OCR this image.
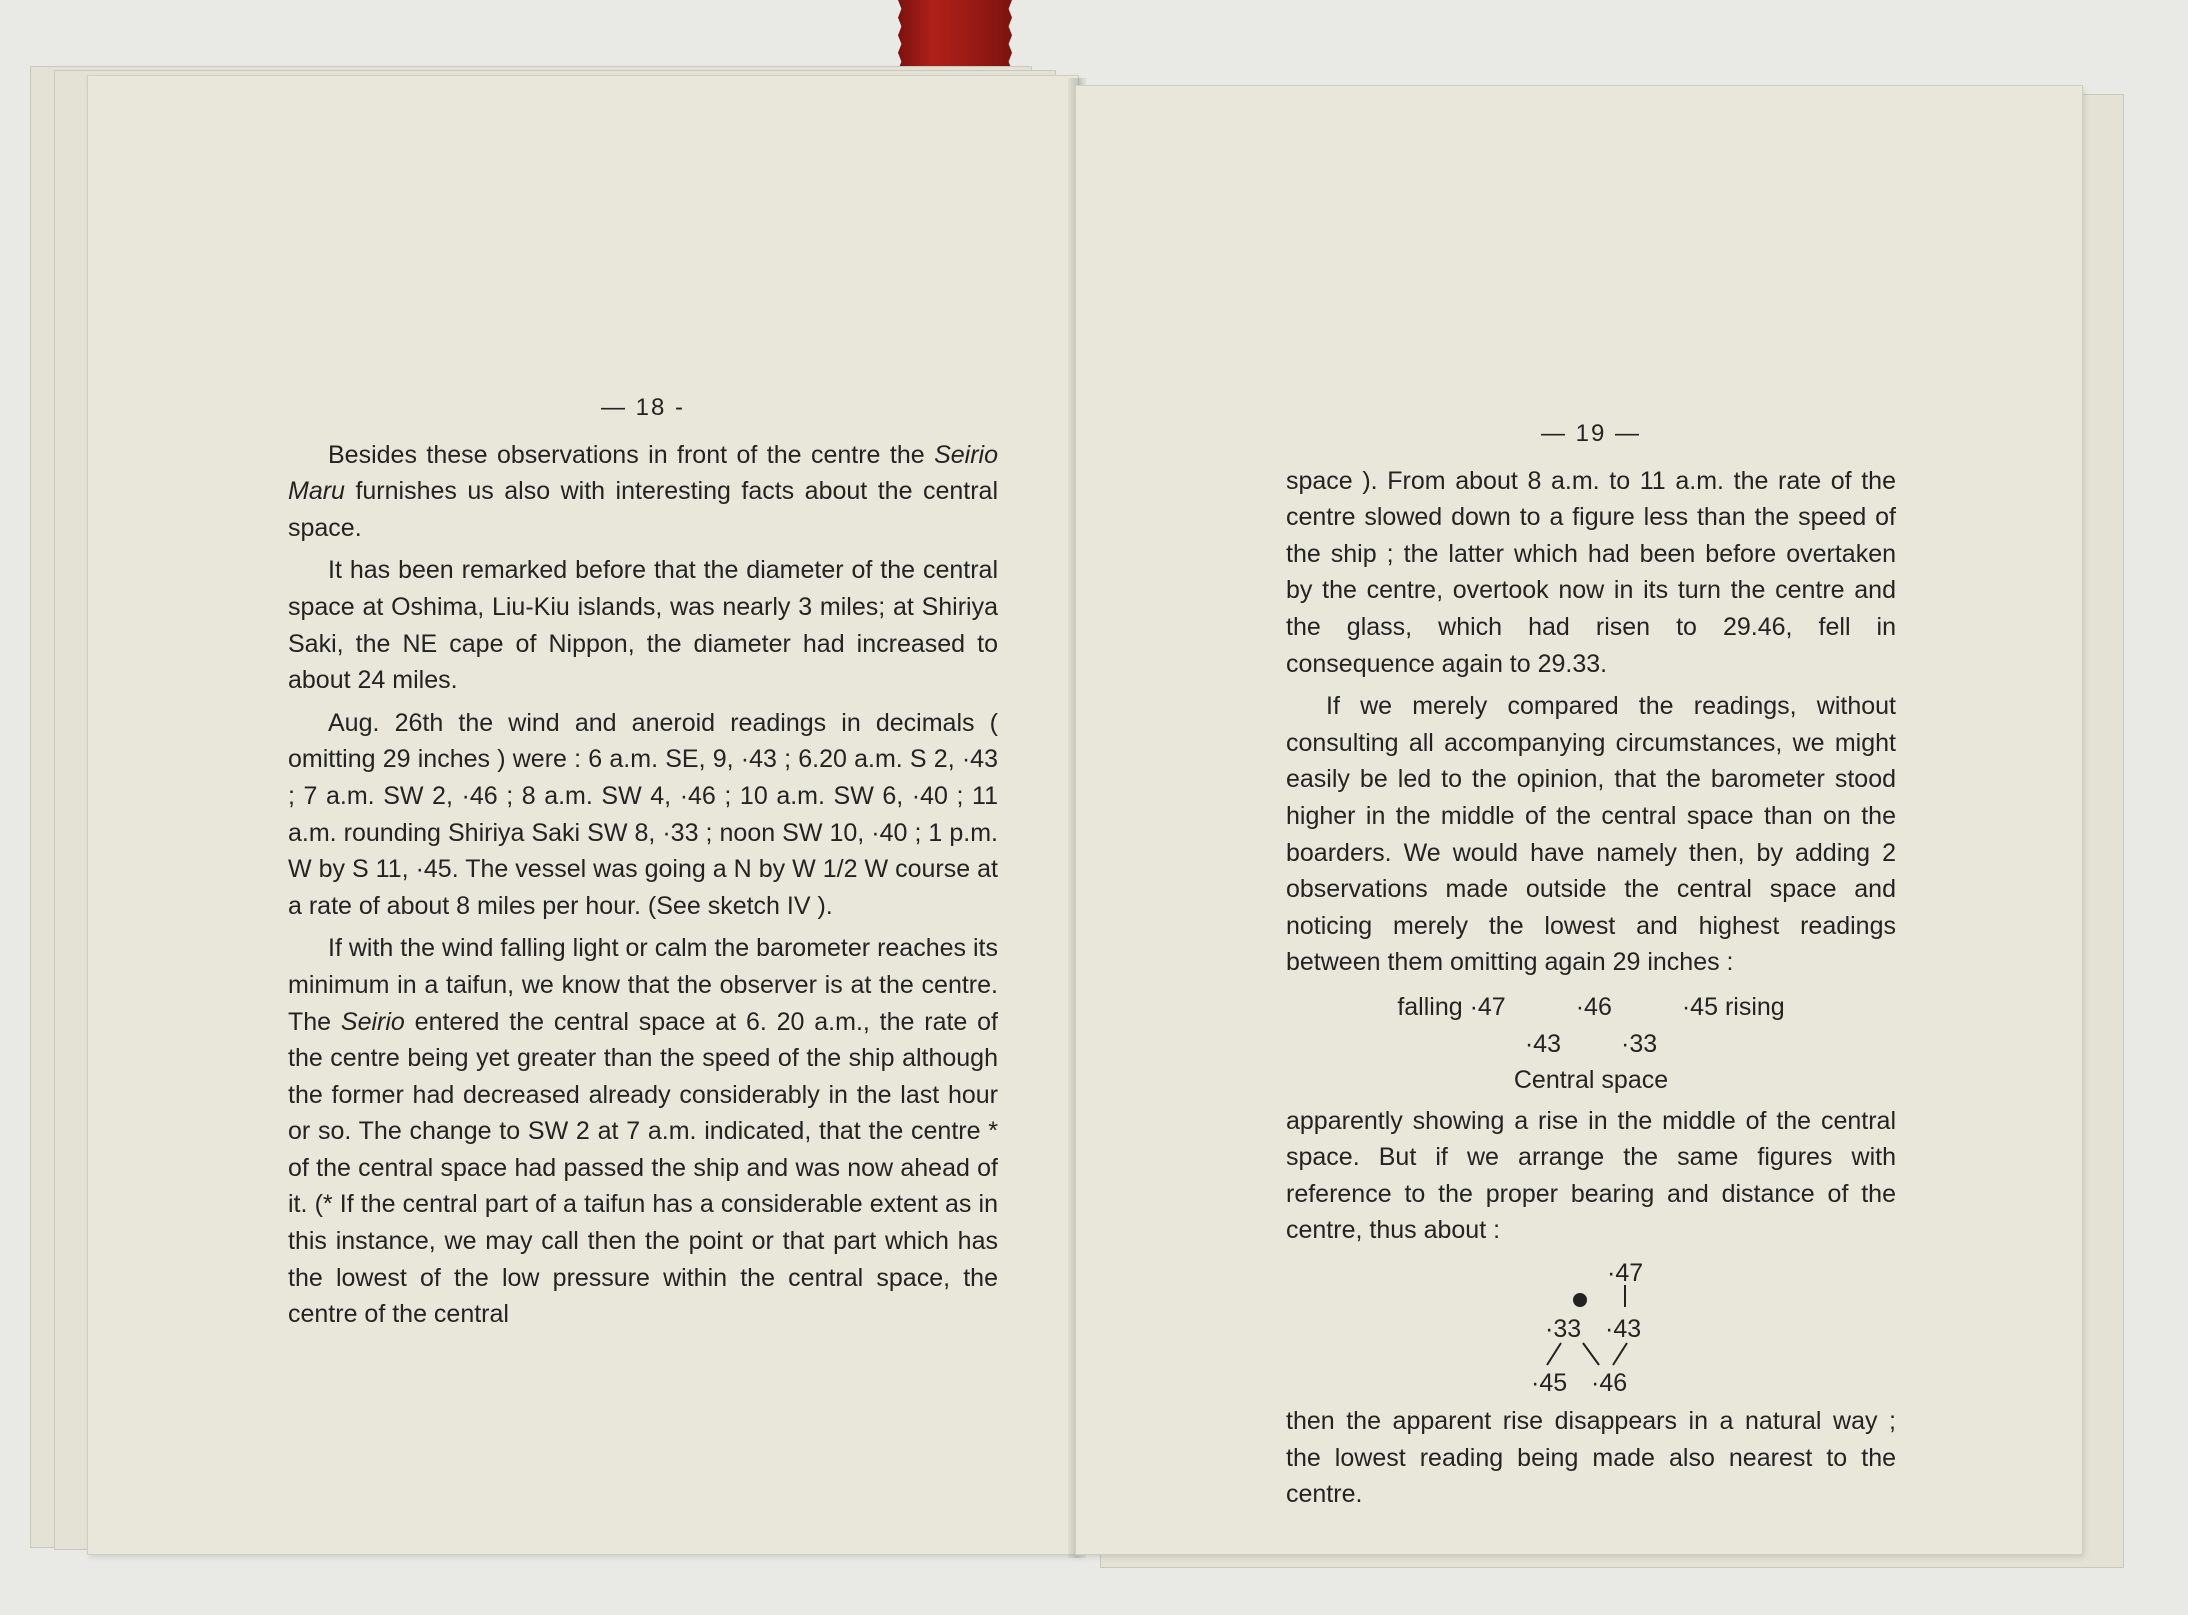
— 18 -

Besides these observations in front of the centre the Seirio Maru furnishes us also with interesting facts about the central space.

It has been remarked before that the diameter of the central space at Oshima, Liu-Kiu islands, was nearly 3 miles; at Shiriya Saki, the NE cape of Nippon, the diameter had increased to about 24 miles.

Aug. 26th the wind and aneroid readings in decimals ( omitting 29 inches ) were : 6 a.m. SE, 9, ·43 ; 6.20 a.m. S 2, ·43 ; 7 a.m. SW 2, ·46 ; 8 a.m. SW 4, ·46 ; 10 a.m. SW 6, ·40 ; 11 a.m. rounding Shiriya Saki SW 8, ·33 ; noon SW 10, ·40 ; 1 p.m. W by S 11, ·45. The vessel was going a N by W 1/2 W course at a rate of about 8 miles per hour. (See sketch IV ).

If with the wind falling light or calm the barometer reaches its minimum in a taifun, we know that the observer is at the centre. The Seirio entered the central space at 6. 20 a.m., the rate of the centre being yet greater than the speed of the ship although the former had decreased already considerably in the last hour or so. The change to SW 2 at 7 a.m. indicated, that the centre * of the central space had passed the ship and was now ahead of it. (* If the central part of a taifun has a considerable extent as in this instance, we may call then the point or that part which has the lowest of the low pressure within the central space, the centre of the central

— 19 —

space ). From about 8 a.m. to 11 a.m. the rate of the centre slowed down to a figure less than the speed of the ship ; the latter which had been before overtaken by the centre, overtook now in its turn the centre and the glass, which had risen to 29.46, fell in consequence again to 29.33.

If we merely compared the readings, without consulting all accompanying circumstances, we might easily be led to the opinion, that the barometer stood higher in the middle of the central space than on the boarders. We would have namely then, by adding 2 observations made outside the central space and noticing merely the lowest and highest readings between them omitting again 29 inches :

falling ·47	·46	·45 rising
·43 ·33
Central space

apparently showing a rise in the middle of the central space. But if we arrange the same figures with reference to the proper bearing and distance of the centre, thus about :

·47
·33 ·43
·45 ·46

then the apparent rise disappears in a natural way ; the lowest reading being made also nearest to the centre.
